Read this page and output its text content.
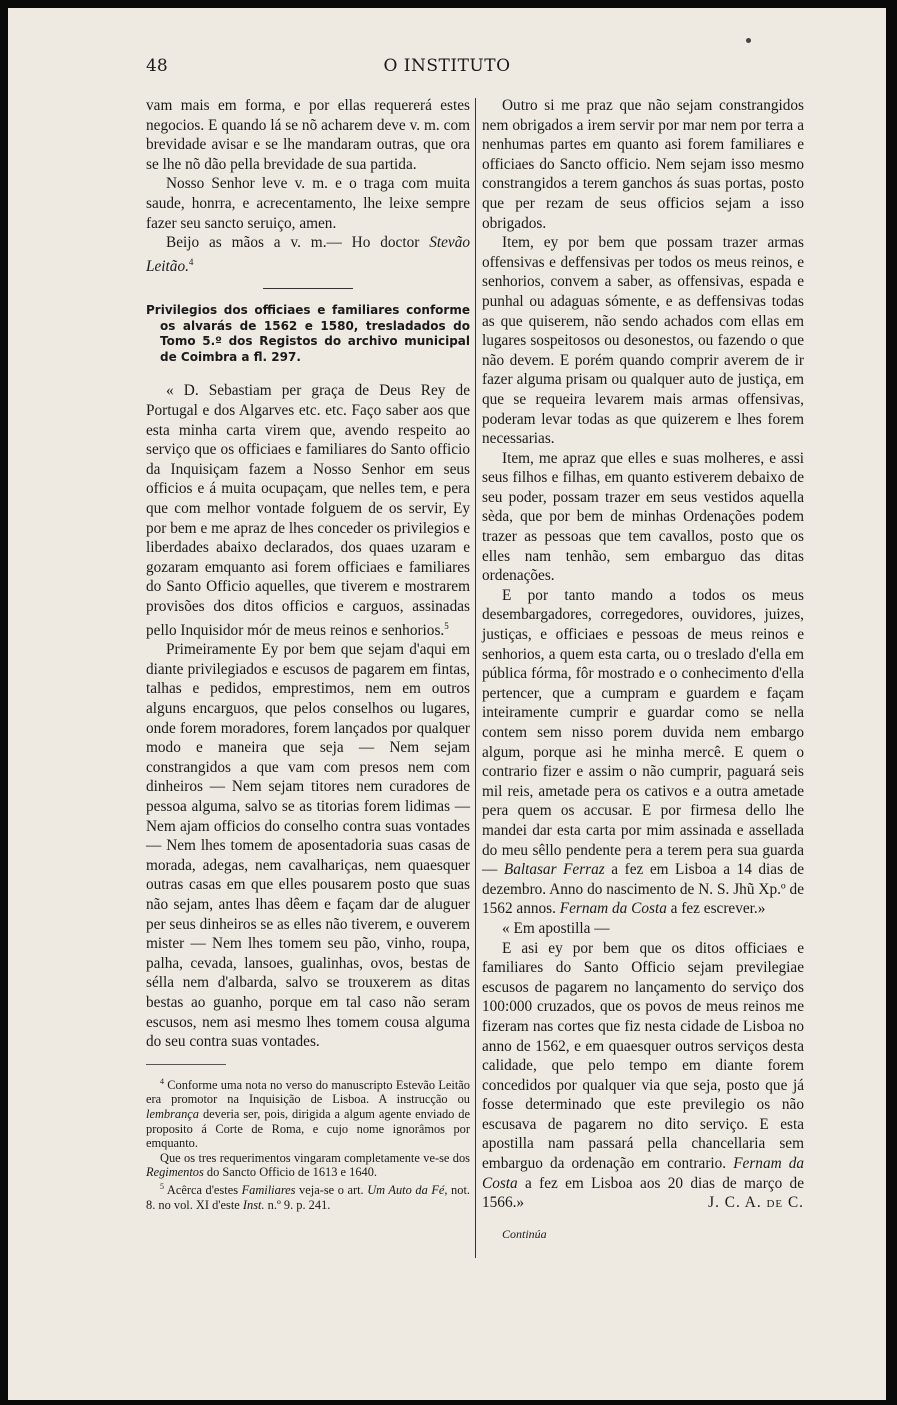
O INSTITUTO
48

vam mais em forma, e por ellas requererá estes negocios. E quando lá se nõ acharem deve v. m. com brevidade avisar e se lhe mandaram outras, que ora se lhe nõ dão pella brevidade de sua partida.

Nosso Senhor leve v. m. e o traga com muita saude, honrra, e acrecentamento, lhe leixe sempre fazer seu sancto seruiço, amen.

Beijo as mãos a v. m.— Ho doctor Stevão Leitão.$^4$

Privilegios dos officiaes e familiares conforme os alvarás de 1562 e 1580, tresladados do Tomo 5.º dos Registos do archivo municipal de Coimbra a fl. 297.

« D. Sebastiam per graça de Deus Rey de Portugal e dos Algarves etc. etc. Faço saber aos que esta minha carta virem que, avendo respeito ao serviço que os officiaes e familiares do Santo officio da Inquisiçam fazem a Nosso Senhor em seus officios e á muita ocupaçam, que nelles tem, e pera que com melhor vontade folguem de os servir, Ey por bem e me apraz de lhes conceder os privilegios e liberdades abaixo declarados, dos quaes uzaram e gozaram emquanto asi forem officiaes e familiares do Santo Officio aquelles, que tiverem e mostrarem provisões dos ditos officios e carguos, assinadas pello Inquisidor mór de meus reinos e senhorios.$^5$

Primeiramente Ey por bem que sejam d'aqui em diante privilegiados e escusos de pagarem em fintas, talhas e pedidos, emprestimos, nem em outros alguns encarguos, que pelos conselhos ou lugares, onde forem moradores, forem lançados por qualquer modo e maneira que seja — Nem sejam constrangidos a que vam com presos nem com dinheiros — Nem sejam titores nem curadores de pessoa alguma, salvo se as titorias forem lidimas — Nem ajam officios do conselho contra suas vontades — Nem lhes tomem de aposentadoria suas casas de morada, adegas, nem cavalhariças, nem quaesquer outras casas em que elles pousarem posto que suas não sejam, antes lhas dêem e façam dar de aluguer per seus dinheiros se as elles não tiverem, e ouverem mister — Nem lhes tomem seu pão, vinho, roupa, palha, cevada, lansoes, gualinhas, ovos, bestas de sélla nem d'albarda, salvo se trouxerem as ditas bestas ao guanho, porque em tal caso não seram escusos, nem asi mesmo lhes tomem cousa alguma do seu contra suas vontades.

$^4$ Conforme uma nota no verso do manuscripto Estevão Leitão era promotor na Inquisição de Lisboa. A instrucção ou lembrança deveria ser, pois, dirigida a algum agente enviado de proposito á Corte de Roma, e cujo nome ignorâmos por emquanto.

Que os tres requerimentos vingaram completamente ve-se dos Regimentos do Sancto Officio de 1613 e 1640.

$^5$ Acêrca d'estes Familiares veja-se o art. Um Auto da Fé, not. 8. no vol. XI d'este Inst. n.º 9. p. 241.

Outro si me praz que não sejam constrangidos nem obrigados a irem servir por mar nem por terra a nenhumas partes em quanto asi forem familiares e officiaes do Sancto officio. Nem sejam isso mesmo constrangidos a terem ganchos ás suas portas, posto que per rezam de seus officios sejam a isso obrigados.

Item, ey por bem que possam trazer armas offensivas e deffensivas per todos os meus reinos, e senhorios, convem a saber, as offensivas, espada e punhal ou adaguas sómente, e as deffensivas todas as que quiserem, não sendo achados com ellas em lugares sospeitosos ou desonestos, ou fazendo o que não devem. E porém quando comprir averem de ir fazer alguma prisam ou qualquer auto de justiça, em que se requeira levarem mais armas offensivas, poderam levar todas as que quizerem e lhes forem necessarias.

Item, me apraz que elles e suas molheres, e assi seus filhos e filhas, em quanto estiverem debaixo de seu poder, possam trazer em seus vestidos aquella sèda, que por bem de minhas Ordenações podem trazer as pessoas que tem cavallos, posto que os elles nam tenhão, sem embarguo das ditas ordenações.

E por tanto mando a todos os meus desembargadores, corregedores, ouvidores, juizes, justiças, e officiaes e pessoas de meus reinos e senhorios, a quem esta carta, ou o treslado d'ella em pública fórma, fôr mostrado e o conhecimento d'ella pertencer, que a cumpram e guardem e façam inteiramente cumprir e guardar como se nella contem sem nisso porem duvida nem embargo algum, porque asi he minha mercê. E quem o contrario fizer e assim o não cumprir, paguará seis mil reis, ametade pera os cativos e a outra ametade pera quem os accusar. E por firmesa dello lhe mandei dar esta carta por mim assinada e assellada do meu sêllo pendente pera a terem pera sua guarda — Baltasar Ferraz a fez em Lisboa a 14 dias de dezembro. Anno do nascimento de N. S. Jhũ Xp.º de 1562 annos. Fernam da Costa a fez escrever.»

« Em apostilla —

E asi ey por bem que os ditos officiaes e familiares do Santo Officio sejam previlegiae escusos de pagarem no lançamento do serviço dos 100:000 cruzados, que os povos de meus reinos me fizeram nas cortes que fiz nesta cidade de Lisboa no anno de 1562, e em quaesquer outros serviços desta calidade, que pelo tempo em diante forem concedidos por qualquer via que seja, posto que já fosse determinado que este previlegio os não escusava de pagarem no dito serviço. E esta apostilla nam passará pella chancellaria sem embarguo da ordenação em contrario. Fernam da Costa a fez em Lisboa aos 20 dias de março de 1566.»	J. C. A. de C.

Continúa
